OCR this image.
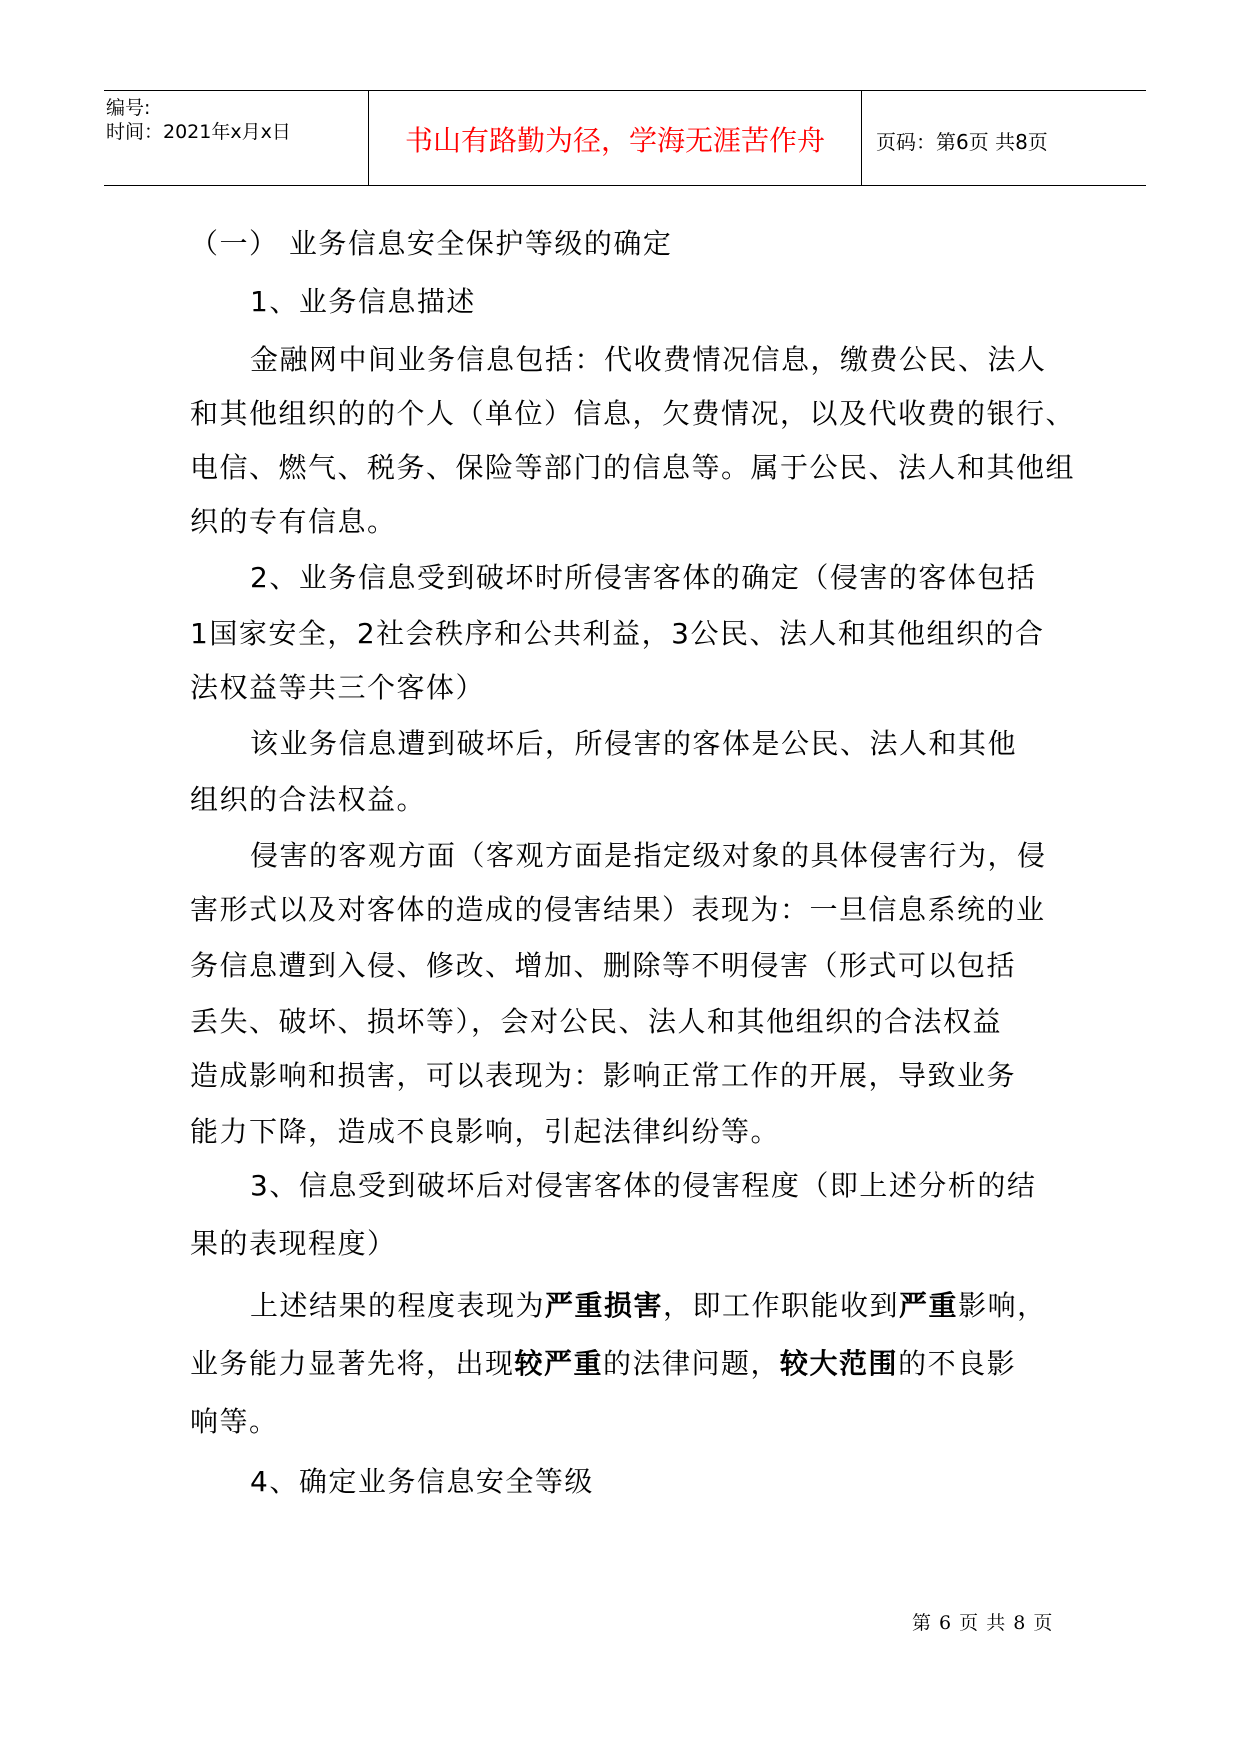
编号:
时间：2021年x月x日	书山有路勤为径，学海无涯苦作舟	页码：第6页 共8页
（一） 业务信息安全保护等级的确定
1、业务信息描述
金融网中间业务信息包括：代收费情况信息，缴费公民、法人
和其他组织的的个人（单位）信息，欠费情况，以及代收费的银行、
电信、燃气、税务、保险等部门的信息等。属于公民、法人和其他组
织的专有信息。
2、业务信息受到破坏时所侵害客体的确定（侵害的客体包括
1国家安全，2社会秩序和公共利益，3公民、法人和其他组织的合
法权益等共三个客体）
该业务信息遭到破坏后，所侵害的客体是公民、法人和其他
组织的合法权益。
侵害的客观方面（客观方面是指定级对象的具体侵害行为，侵
害形式以及对客体的造成的侵害结果）表现为：一旦信息系统的业
务信息遭到入侵、修改、增加、删除等不明侵害（形式可以包括
丢失、破坏、损坏等），会对公民、法人和其他组织的合法权益
造成影响和损害，可以表现为：影响正常工作的开展，导致业务
能力下降，造成不良影响，引起法律纠纷等。
3、信息受到破坏后对侵害客体的侵害程度（即上述分析的结
果的表现程度）
上述结果的程度表现为严重损害，即工作职能收到严重影响，
业务能力显著先将，出现较严重的法律问题，较大范围的不良影
响等。
4、确定业务信息安全等级
第 6 页 共 8 页
